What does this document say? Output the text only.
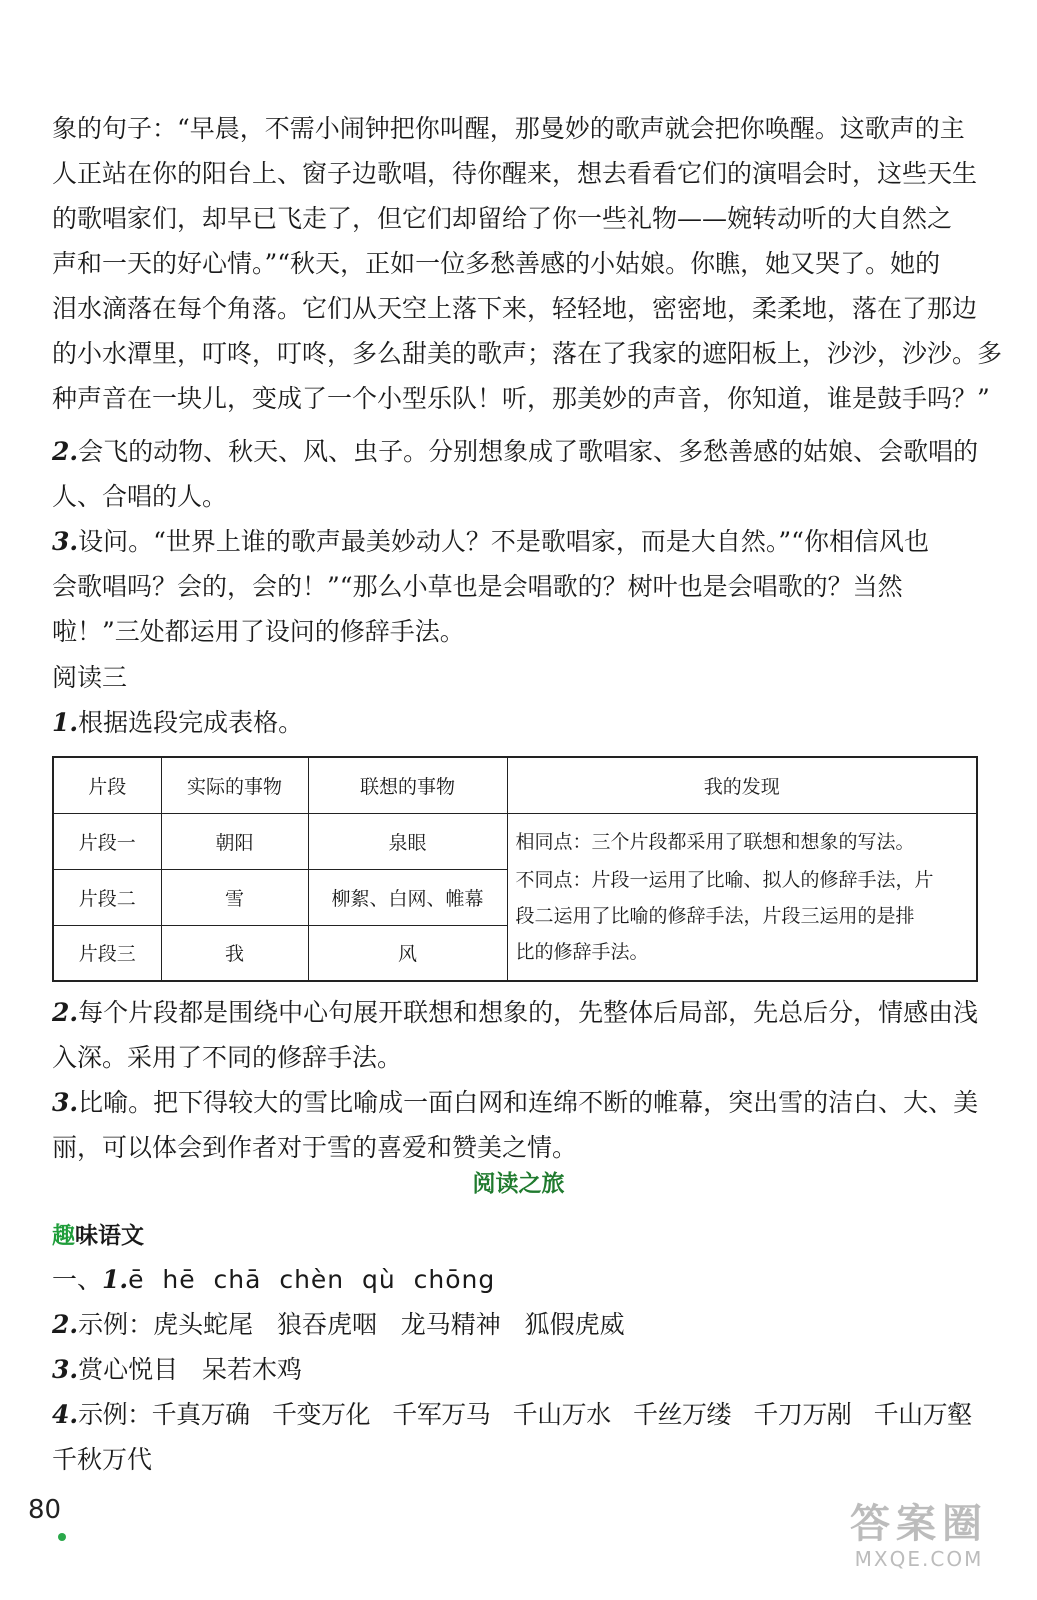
象的句子：“早晨，不需小闹钟把你叫醒，那曼妙的歌声就会把你唤醒。这歌声的主
人正站在你的阳台上、窗子边歌唱，待你醒来，想去看看它们的演唱会时，这些天生
的歌唱家们，却早已飞走了，但它们却留给了你一些礼物——婉转动听的大自然之
声和一天的好心情。”“秋天，正如一位多愁善感的小姑娘。你瞧，她又哭了。她的
泪水滴落在每个角落。它们从天空上落下来，轻轻地，密密地，柔柔地，落在了那边
的小水潭里，叮咚，叮咚，多么甜美的歌声；落在了我家的遮阳板上，沙沙，沙沙。多
种声音在一块儿，变成了一个小型乐队！听，那美妙的声音，你知道，谁是鼓手吗？”
2.会飞的动物、秋天、风、虫子。分别想象成了歌唱家、多愁善感的姑娘、会歌唱的
人、合唱的人。
3.设问。“世界上谁的歌声最美妙动人？不是歌唱家，而是大自然。”“你相信风也
会歌唱吗？会的，会的！”“那么小草也是会唱歌的？树叶也是会唱歌的？当然
啦！”三处都运用了设问的修辞手法。
阅读三
1.根据选段完成表格。
片段	实际的事物	联想的事物	我的发现
片段一	朝阳	泉眼	相同点：三个片段都采用了联想和想象的写法。
不同点：片段一运用了比喻、拟人的修辞手法，片
段二运用了比喻的修辞手法，片段三运用的是排
比的修辞手法。

片段二	雪	柳絮、白网、帷幕	
片段三	我	风	
2.每个片段都是围绕中心句展开联想和想象的，先整体后局部，先总后分，情感由浅
入深。采用了不同的修辞手法。
3.比喻。把下得较大的雪比喻成一面白网和连绵不断的帷幕，突出雪的洁白、大、美
丽，可以体会到作者对于雪的喜爱和赞美之情。
阅读之旅
趣味语文
一、1.ē  hē  chā  chèn  qù  chōng
2.示例：虎头蛇尾   狼吞虎咽   龙马精神   狐假虎威
3.赏心悦目   呆若木鸡
4.示例：千真万确   千变万化   千军万马   千山万水   千丝万缕   千刀万剐   千山万壑
千秋万代
80	答案圈
MXQE.COM
